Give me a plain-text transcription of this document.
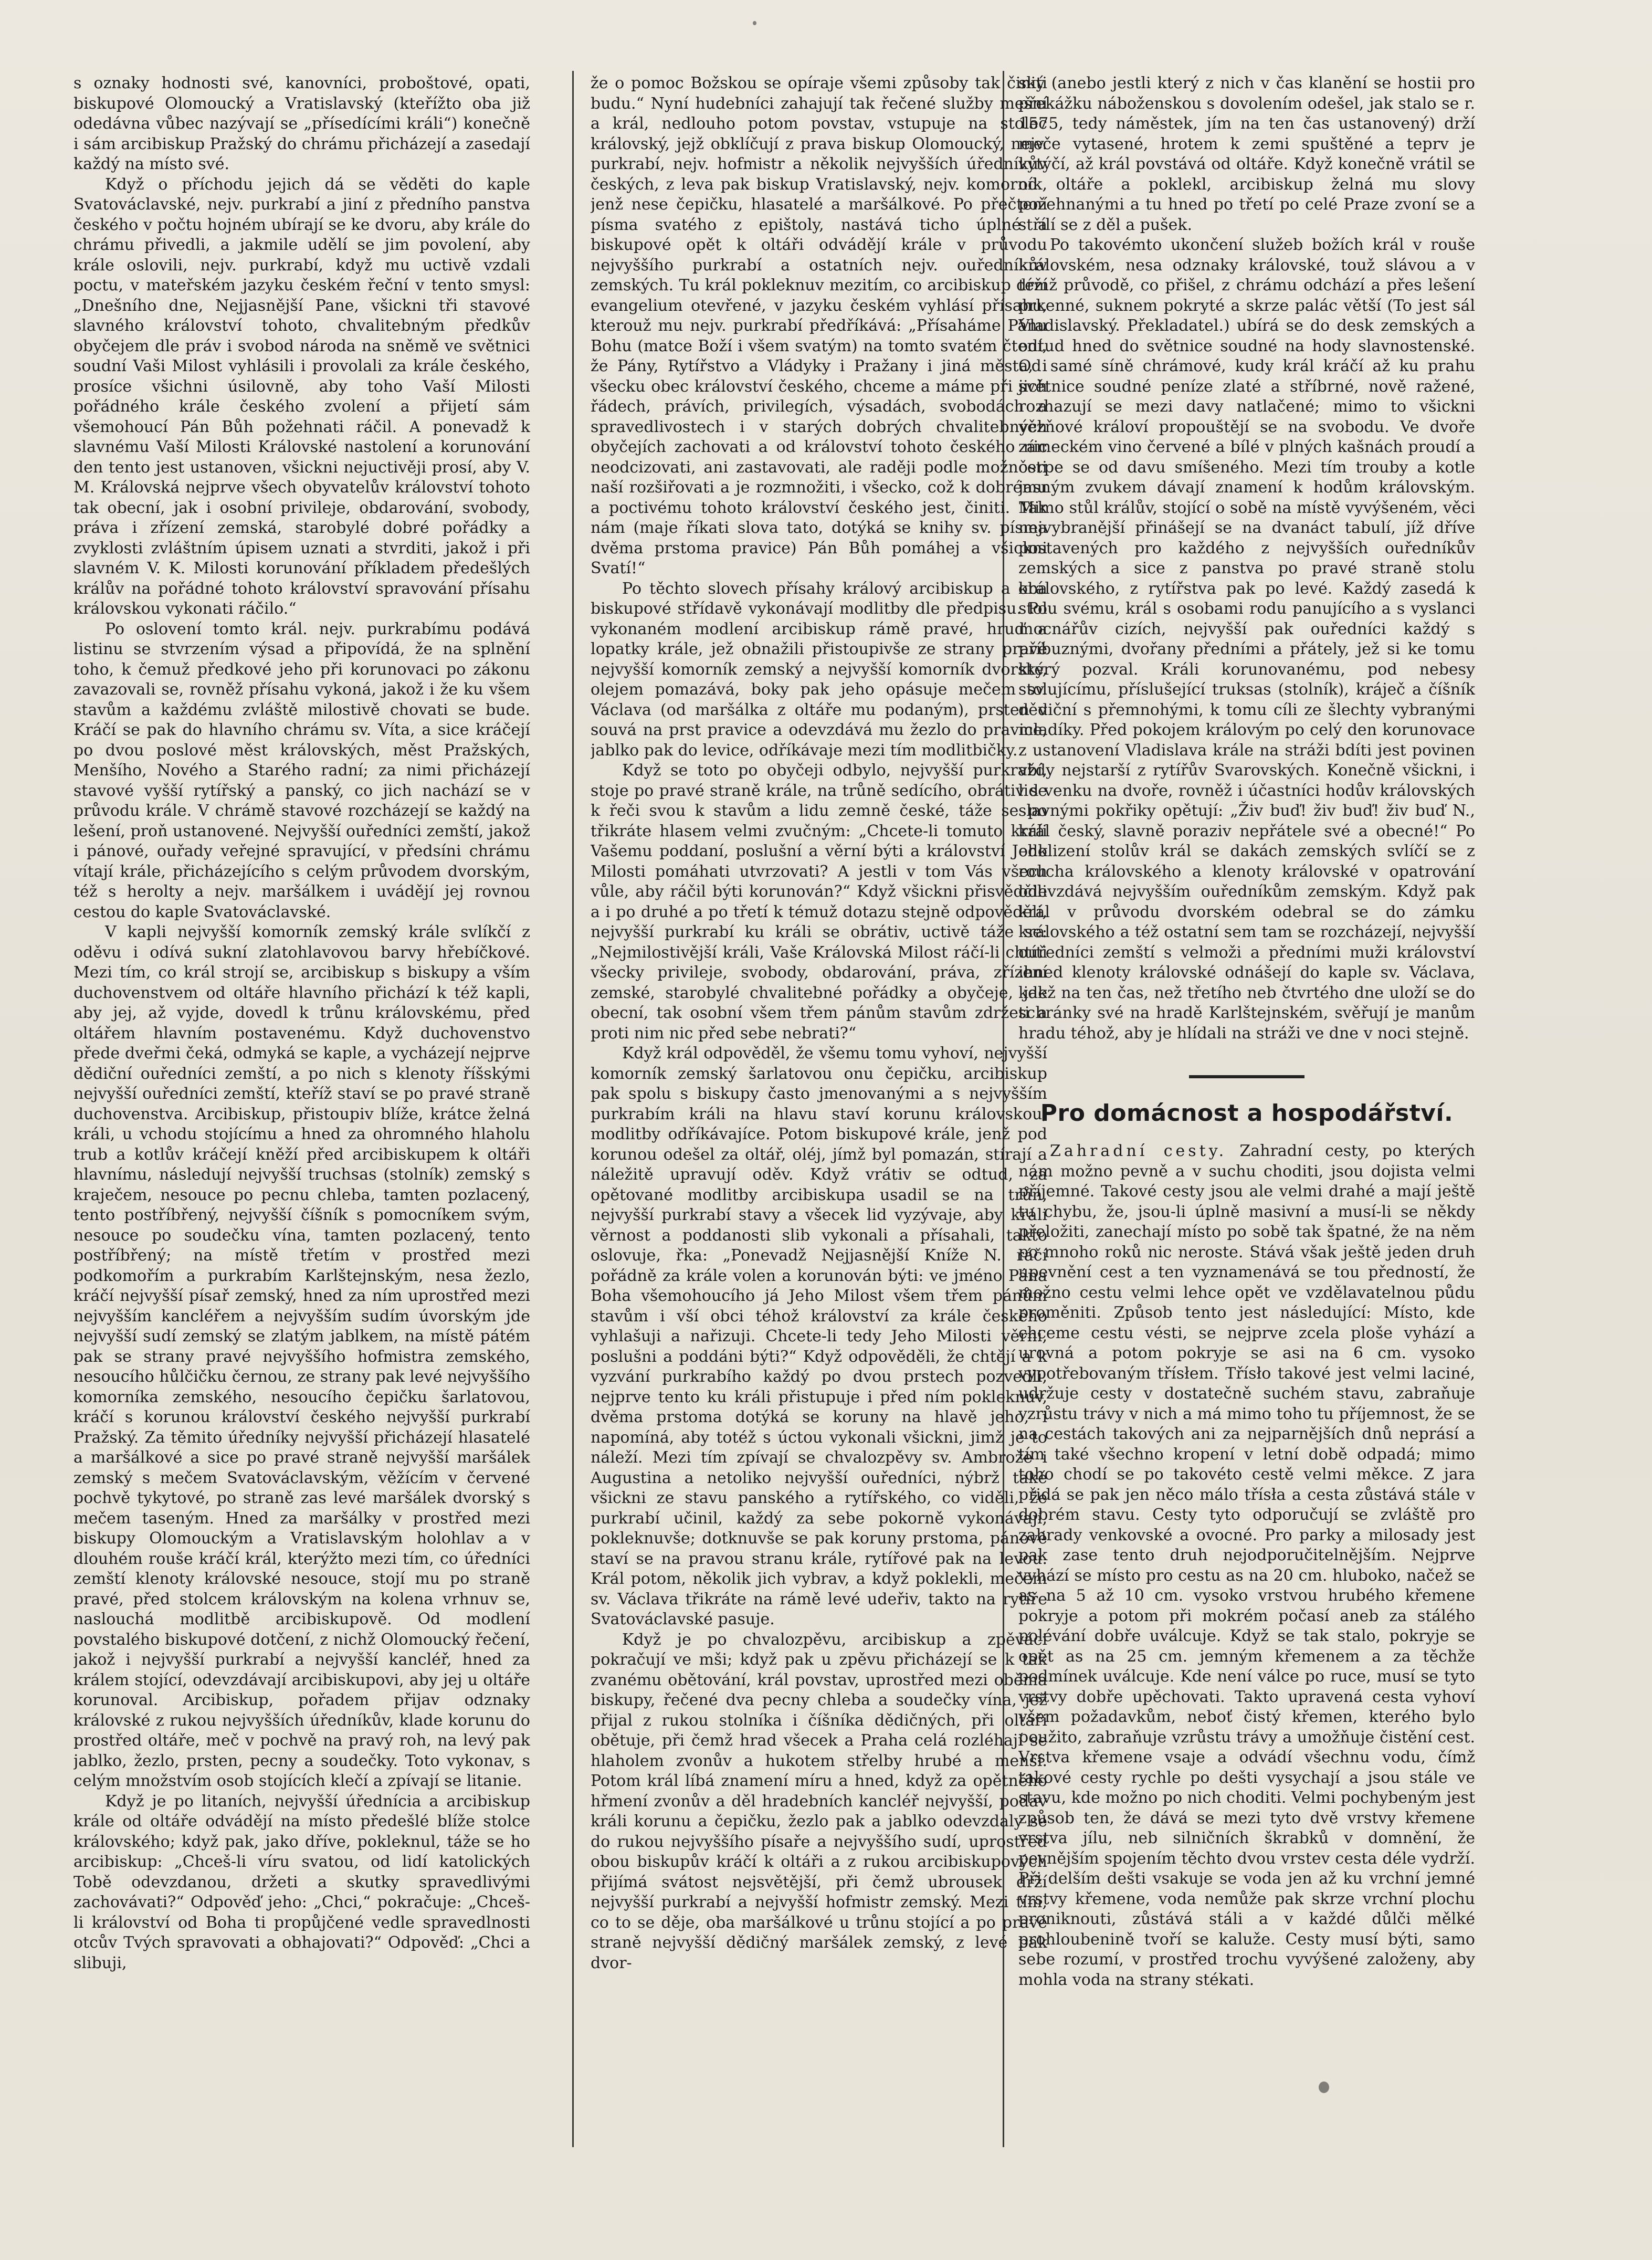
s oznaky hodnosti své, kanovníci, proboštové, opati, biskupové Olomoucký a Vratislavský (kteřížto oba již odedávna vůbec nazývají se „přísedícími králi“) konečně i sám arcibiskup Pražský do chrámu přicházejí a zasedají každý na místo své.

Když o příchodu jejich dá se věděti do kaple Svatováclavské, nejv. purkrabí a jiní z předního panstva českého v počtu hojném ubírají se ke dvoru, aby krále do chrámu přivedli, a jakmile udělí se jim povolení, aby krále oslovili, nejv. purkrabí, když mu uctivě vzdali poctu, v mateřském jazyku českém řeční v tento smysl: „Dnešního dne, Nejjasnější Pane, všickni tři stavové slavného království tohoto, chvalitebným předkův obyčejem dle práv i svobod národa na sněmě ve světnici soudní Vaši Milost vyhlásili i provolali za krále českého, prosíce všichni úsilovně, aby toho Vaší Milosti pořádného krále českého zvolení a přijetí sám všemohoucí Pán Bůh požehnati ráčil. A ponevadž k slavnému Vaší Milosti Královské nastolení a korunování den tento jest ustanoven, všickni nejuctivěji prosí, aby V. M. Královská nejprve všech obyvatelův království tohoto tak obecní, jak i osobní privileje, obdarování, svobody, práva i zřízení zemská, starobylé dobré pořádky a zvyklosti zvláštním úpisem uznati a stvrditi, jakož i při slavném V. K. Milosti korunování příkladem předešlých králův na pořádné tohoto království spravování přísahu královskou vykonati ráčilo.“

Po oslovení tomto král. nejv. purkrabímu podává listinu se stvrzením výsad a připovídá, že na splnění toho, k čemuž předkové jeho při korunovaci po zákonu zavazovali se, rovněž přísahu vykoná, jakož i že ku všem stavům a každému zvláště milostivě chovati se bude. Kráčí se pak do hlavního chrámu sv. Víta, a sice kráčejí po dvou poslové měst královských, měst Pražských, Menšího, Nového a Starého radní; za nimi přicházejí stavové vyšší rytířský a panský, co jich nachází se v průvodu krále. V chrámě stavové rozcházejí se každý na lešení, proň ustanovené. Nejvyšší ouředníci zemští, jakož i pánové, ouřady veřejné spravující, v předsíni chrámu vítají krále, přicházejícího s celým průvodem dvorským, též s herolty a nejv. maršálkem i uvádějí jej rovnou cestou do kaple Svatováclavské.

V kapli nejvyšší komorník zemský krále svlíkčí z oděvu i odívá sukní zlatohlavovou barvy hřebíčkové. Mezi tím, co král strojí se, arcibiskup s biskupy a vším duchovenstvem od oltáře hlavního přichází k též kapli, aby jej, až vyjde, dovedl k trůnu královskému, před oltářem hlavním postavenému. Když duchovenstvo přede dveřmi čeká, odmyká se kaple, a vycházejí nejprve dědiční ouředníci zemští, a po nich s klenoty říšskými nejvyšší ouředníci zemští, kteříž staví se po pravé straně duchovenstva. Arcibiskup, přistoupiv blíže, krátce želná králi, u vchodu stojícímu a hned za ohromného hlaholu trub a kotlův kráčejí kněží před arcibiskupem k oltáři hlavnímu, následují nejvyšší truchsas (stolník) zemský s kraječem, nesouce po pecnu chleba, tamten pozlacený, tento postříbřený, nejvyšší číšník s pomocníkem svým, nesouce po soudečku vína, tamten pozlacený, tento postříbřený; na místě třetím v prostřed mezi podkomořím a purkrabím Karlštejnským, nesa žezlo, kráčí nejvyšší písař zemský, hned za ním uprostřed mezi nejvyšším kancléřem a nejvyšším sudím úvorským jde nejvyšší sudí zemský se zlatým jablkem, na místě pátém pak se strany pravé nejvyššího hofmistra zemského, nesoucího hůlčičku černou, ze strany pak levé nejvyššího komorníka zemského, nesoucího čepičku šarlatovou, kráčí s korunou království českého nejvyšší purkrabí Pražský. Za těmito úředníky nejvyšší přicházejí hlasatelé a maršálkové a sice po pravé straně nejvyšší maršálek zemský s mečem Svatováclavským, věžícím v červené pochvě tykytové, po straně zas levé maršálek dvorský s mečem taseným. Hned za maršálky v prostřed mezi biskupy Olomouckým a Vratislavským holohlav a v dlouhém rouše kráčí král, kterýžto mezi tím, co úředníci zemští klenoty královské nesouce, stojí mu po straně pravé, před stolcem královským na kolena vrhnuv se, naslouchá modlitbě arcibiskupově. Od modlení povstalého biskupové dotčení, z nichž Olomoucký řečení, jakož i nejvyšší purkrabí a nejvyšší kancléř, hned za králem stojící, odevzdávají arcibiskupovi, aby jej u oltáře korunoval. Arcibiskup, pořadem přijav odznaky královské z rukou nejvyšších úředníkův, klade korunu do prostřed oltáře, meč v pochvě na pravý roh, na levý pak jablko, žezlo, prsten, pecny a soudečky. Toto vykonav, s celým množstvím osob stojících klečí a zpívají se litanie.

Když je po litaních, nejvyšší úřednícia a arcibiskup krále od oltáře odvádějí na místo předešlé blíže stolce královského; když pak, jako dříve, pokleknul, táže se ho arcibiskup: „Chceš-li víru svatou, od lidí katolických Tobě odevzdanou, držeti a skutky spravedlivými zachovávati?“ Odpověď jeho: „Chci,“ pokračuje: „Chceš-li království od Boha ti propůjčené vedle spravedlnosti otcův Tvých spravovati a obhajovati?“ Odpověď: „Chci a slibuji,

že o pomoc Božskou se opíraje všemi způsoby tak činiti budu.“ Nyní hudebníci zahajují tak řečené služby mešní a král, nedlouho potom povstav, vstupuje na stolec královský, jejž obklíčují z prava biskup Olomoucký, nejv. purkrabí, nejv. hofmistr a několik nejvyšších úředníkův českých, z leva pak biskup Vratislavský, nejv. komorník, jenž nese čepičku, hlasatelé a maršálkové. Po přečtení písma svatého z epištoly, nastává ticho úplné a biskupové opět k oltáři odvádějí krále v průvodu nejvyššího purkrabí a ostatních nejv. ouředníkův zemských. Tu král pokleknuv mezitím, co arcibiskup drží evangelium otevřené, v jazyku českém vyhlásí přísahu, kterouž mu nejv. purkrabí předříkává: „Přísaháme Pánu Bohu (matce Boží i všem svatým) na tomto svatém čtení, že Pány, Rytířstvo a Vládyky i Pražany i jiná města, i všecku obec království českého, chceme a máme při jich řádech, právích, privilegích, výsadách, svobodách a spravedlivostech i v starých dobrých chvalitebných obyčejích zachovati a od království tohoto českého nic neodcizovati, ani zastavovati, ale raději podle možnosti naší rozšiřovati a je rozmnožiti, i všecko, což k dobrému a poctivému tohoto království českého jest, činiti. Tak nám (maje říkati slova tato, dotýká se knihy sv. písma dvěma prstoma pravice) Pán Bůh pomáhej a všickni Svatí!“

Po těchto slovech přísahy králový arcibiskup a oba biskupové střídavě vykonávají modlitby dle předpisu. Po vykonaném modlení arcibiskup rámě pravé, hruď a lopatky krále, jež obnažili přistoupivše ze strany pravé nejvyšší komorník zemský a nejvyšší komorník dvorský, olejem pomazává, boky pak jeho opásuje mečem sv. Václava (od maršálka z oltáře mu podaným), prsten v souvá na prst pravice a odevzdává mu žezlo do pravice, jablko pak do levice, odříkávaje mezi tím modlitbičky.

Když se toto po obyčeji odbylo, nejvyšší purkrabí, stoje po pravé straně krále, na trůně sedícího, obrátiv se k řeči svou k stavům a lidu zemně české, táže se po třikráte hlasem velmi zvučným: „Chcete-li tomuto králi Vašemu poddaní, poslušní a věrní býti a království Jeho Milosti pomáhati utvrzovati? A jestli v tom Vás všech vůle, aby ráčil býti korunován?“ Když všickni přisvědčili a i po druhé a po třetí k témuž dotazu stejně odpověděli, nejvyšší purkrabí ku králi se obrátiv, uctivě táže se: „Nejmilostivější králi, Vaše Královská Milost ráčí-li chtíti všecky privileje, svobody, obdarování, práva, zřízení zemské, starobylé chvalitebné pořádky a obyčeje, jak obecní, tak osobní všem třem pánům stavům zdržeti a proti nim nic před sebe nebrati?“

Když král odpověděl, že všemu tomu vyhoví, nejvyšší komorník zemský šarlatovou onu čepičku, arcibiskup pak spolu s biskupy často jmenovanými a s nejvyšším purkrabím králi na hlavu staví korunu královskou, modlitby odříkávajíce. Potom biskupové krále, jenž pod korunou odešel za oltář, oléj, jímž byl pomazán, stírají a náležitě upravují oděv. Když vrátiv se odtud, za opětované modlitby arcibiskupa usadil se na trůn, nejvyšší purkrabí stavy a všecek lid vyzývaje, aby králi věrnost a poddanosti slib vykonali a přísahali, takto oslovuje, řka: „Ponevadž Nejjasnější Kníže N. ráčí pořádně za krále volen a korunován býti: ve jméno Pána Boha všemohoucího já Jeho Milost všem třem pánům stavům i vší obci téhož království za krále českého vyhlašuji a nařizuji. Chcete-li tedy Jeho Milosti věrni, poslušni a poddáni býti?“ Když odpověděli, že chtějí a k vyzvání purkrabího každý po dvou prstech pozvedli, nejprve tento ku králi přistupuje i před ním pokleknuv, dvěma prstoma dotýká se koruny na hlavě jeho, i napomíná, aby totéž s úctou vykonali všickni, jimž je to náleží. Mezi tím zpívají se chvalozpěvy sv. Ambrože i Augustina a netoliko nejvyšší ouředníci, nýbrž také všickni ze stavu panského a rytířského, co viděli, že purkrabí učinil, každý za sebe pokorně vykonávají, pokleknuvše; dotknuvše se pak koruny prstoma, pánové staví se na pravou stranu krále, rytířové pak na levou. Král potom, několik jich vybrav, a když poklekli, mečem sv. Václava třikráte na rámě levé udeřiv, takto na rytíře Svatováclavské pasuje.

Když je po chvalozpěvu, arcibiskup a zpěváci pokračují ve mši; když pak u zpěvu přicházejí se k tak zvanému obětování, král povstav, uprostřed mezi oběma biskupy, řečené dva pecny chleba a soudečky vína, jež přijal z rukou stolníka i číšníka dědičných, při oltáři obětuje, při čemž hrad všecek a Praha celá rozléhají se hlaholem zvonův a hukotem střelby hrubé a menší. Potom král líbá znamení míru a hned, když za opětného hřmení zvonův a děl hradebních kancléř nejvyšší, podav králi korunu a čepičku, žezlo pak a jablko odevzdaly se do rukou nejvyššího písaře a nejvyššího sudí, uprostřed obou biskupův kráčí k oltáři a z rukou arcibiskupových přijímá svátost nejsvětější, při čemž ubrousek drží nejvyšší purkrabí a nejvyšší hofmistr zemský. Mezi tím, co to se děje, oba maršálkové u trůnu stojící a po pravé straně nejvyšší dědičný maršálek zemský, z levé pak dvor-

ský (anebo jestli který z nich v čas klanění se hostii pro překážku náboženskou s dovolením odešel, jak stalo se r. 1575, tedy náměstek, jím na ten čas ustanovený) drží meče vytasené, hrotem k zemi spuštěné a teprv je vytýčí, až král povstává od oltáře. Když konečně vrátil se od oltáře a poklekl, arcibiskup želná mu slovy požehnanými a tu hned po třetí po celé Praze zvoní se a střílí se z děl a pušek.

Po takovémto ukončení služeb božích král v rouše královském, nesa odznaky královské, touž slávou a v témž průvodě, co přišel, z chrámu odchází a přes lešení prkenné, suknem pokryté a skrze palác větší (To jest sál Vladislavský. Překladatel.) ubírá se do desk zemských a odtud hned do světnice soudné na hody slavnostenské. Od samé síně chrámové, kudy král kráčí až ku prahu světnice soudné peníze zlaté a stříbrné, nově ražené, rozhazují se mezi davy natlačené; mimo to všickni vězňové královí propouštějí se na svobodu. Ve dvoře zámeckém vino červené a bílé v plných kašnách proudí a čerpe se od davu smíšeného. Mezi tím trouby a kotle jasným zvukem dávají znamení k hodům královským. Mimo stůl králův, stojící o sobě na místě vyvýšeném, věci nejvybranější přinášejí se na dvanáct tabulí, jíž dříve postavených pro každého z nejvyšších ouředníkův zemských a sice z panstva po pravé straně stolu královského, z rytířstva pak po levé. Každý zasedá k stolu svému, král s osobami rodu panujícího a s vyslanci mocnářův cizích, nejvyšší pak ouředníci každý s příbuznými, dvořany předními a přátely, jež si ke tomu který pozval. Králi korunovanému, pod nebesy stolujícímu, příslušející truksas (stolník), kráječ a číšník dědiční s přemnohými, k tomu cíli ze šlechty vybranými mladíky. Před pokojem královým po celý den korunovace z ustanovení Vladislava krále na stráži bdíti jest povinen vždy nejstarší z rytířův Svarovských. Konečně všickni, i lid venku na dvoře, rovněž i účastníci hodův královských slavnými pokřiky opětují: „Živ buď! živ buď! živ buď N., král český, slavně poraziv nepřátele své a obecné!“ Po odklizení stolův král se dakách zemských svlíčí se z roucha královského a klenoty královské v opatrování odevzdává nejvyšším ouředníkům zemským. Když pak král v průvodu dvorském odebral se do zámku královského a též ostatní sem tam se rozcházejí, nejvyšší ouředníci zemští s velmoži a předními muži království ihned klenoty královské odnášejí do kaple sv. Václava, kdež na ten čas, než třetího neb čtvrtého dne uloží se do schránky své na hradě Karlštejnském, svěřují je manům hradu téhož, aby je hlídali na stráži ve dne v noci stejně.

Pro domácnost a hospodářství.

Zahradní cesty. Zahradní cesty, po kterých nám možno pevně a v suchu choditi, jsou dojista velmi příjemné. Takové cesty jsou ale velmi drahé a mají ještě tu chybu, že, jsou-li úplně masivní a musí-li se někdy přeložiti, zanechají místo po sobě tak špatné, že na něm po mnoho roků nic neroste. Stává však ještě jeden druh upevnění cest a ten vyznamenává se tou předností, že možno cestu velmi lehce opět ve vzdělavatelnou půdu proměniti. Způsob tento jest následující: Místo, kde chceme cestu vésti, se nejprve zcela ploše vyhází a urovná a potom pokryje se asi na 6 cm. vysoko vypotřebovaným třísłem. Třísło takové jest velmi laciné, udržuje cesty v dostatečně suchém stavu, zabraňuje vzrůstu trávy v nich a má mimo toho tu příjemnost, že se na cestách takových ani za nejparnějších dnů neprásí a tím také všechno kropení v letní době odpadá; mimo toho chodí se po takovéto cestě velmi měkce. Z jara přidá se pak jen něco málo třísła a cesta zůstává stále v dobrém stavu. Cesty tyto odporučují se zvláště pro zahrady venkovské a ovocné. Pro parky a milosady jest pak zase tento druh nejodporučitelnějším. Nejprve vyhází se místo pro cestu as na 20 cm. hluboko, načež se as na 5 až 10 cm. vysoko vrstvou hrubého křemene pokryje a potom při mokrém počasí aneb za stálého polévání dobře uválcuje. Když se tak stalo, pokryje se opět as na 25 cm. jemným křemenem a za těchže podmínek uválcuje. Kde není válce po ruce, musí se tyto vrstvy dobře upěchovati. Takto upravená cesta vyhoví všem požadavkům, neboť čistý křemen, kterého bylo použito, zabraňuje vzrůstu trávy a umožňuje čistění cest. Vrstva křemene vsaje a odvádí všechnu vodu, čímž takové cesty rychle po dešti vysychají a jsou stále ve stavu, kde možno po nich choditi. Velmi pochybeným jest způsob ten, že dává se mezi tyto dvě vrstvy křemene vrstva jílu, neb silničních škrabků v domnění, že pevnějším spojením těchto dvou vrstev cesta déle vydrží. Při delším dešti vsakuje se voda jen až ku vrchní jemné vrstvy křemene, voda nemůže pak skrze vrchní plochu proniknouti, zůstává stáli a v každé důlči mělké prohloubenině tvoří se kaluže. Cesty musí býti, samo sebe rozumí, v prostřed trochu vyvýšené založeny, aby mohla voda na strany stékati.
